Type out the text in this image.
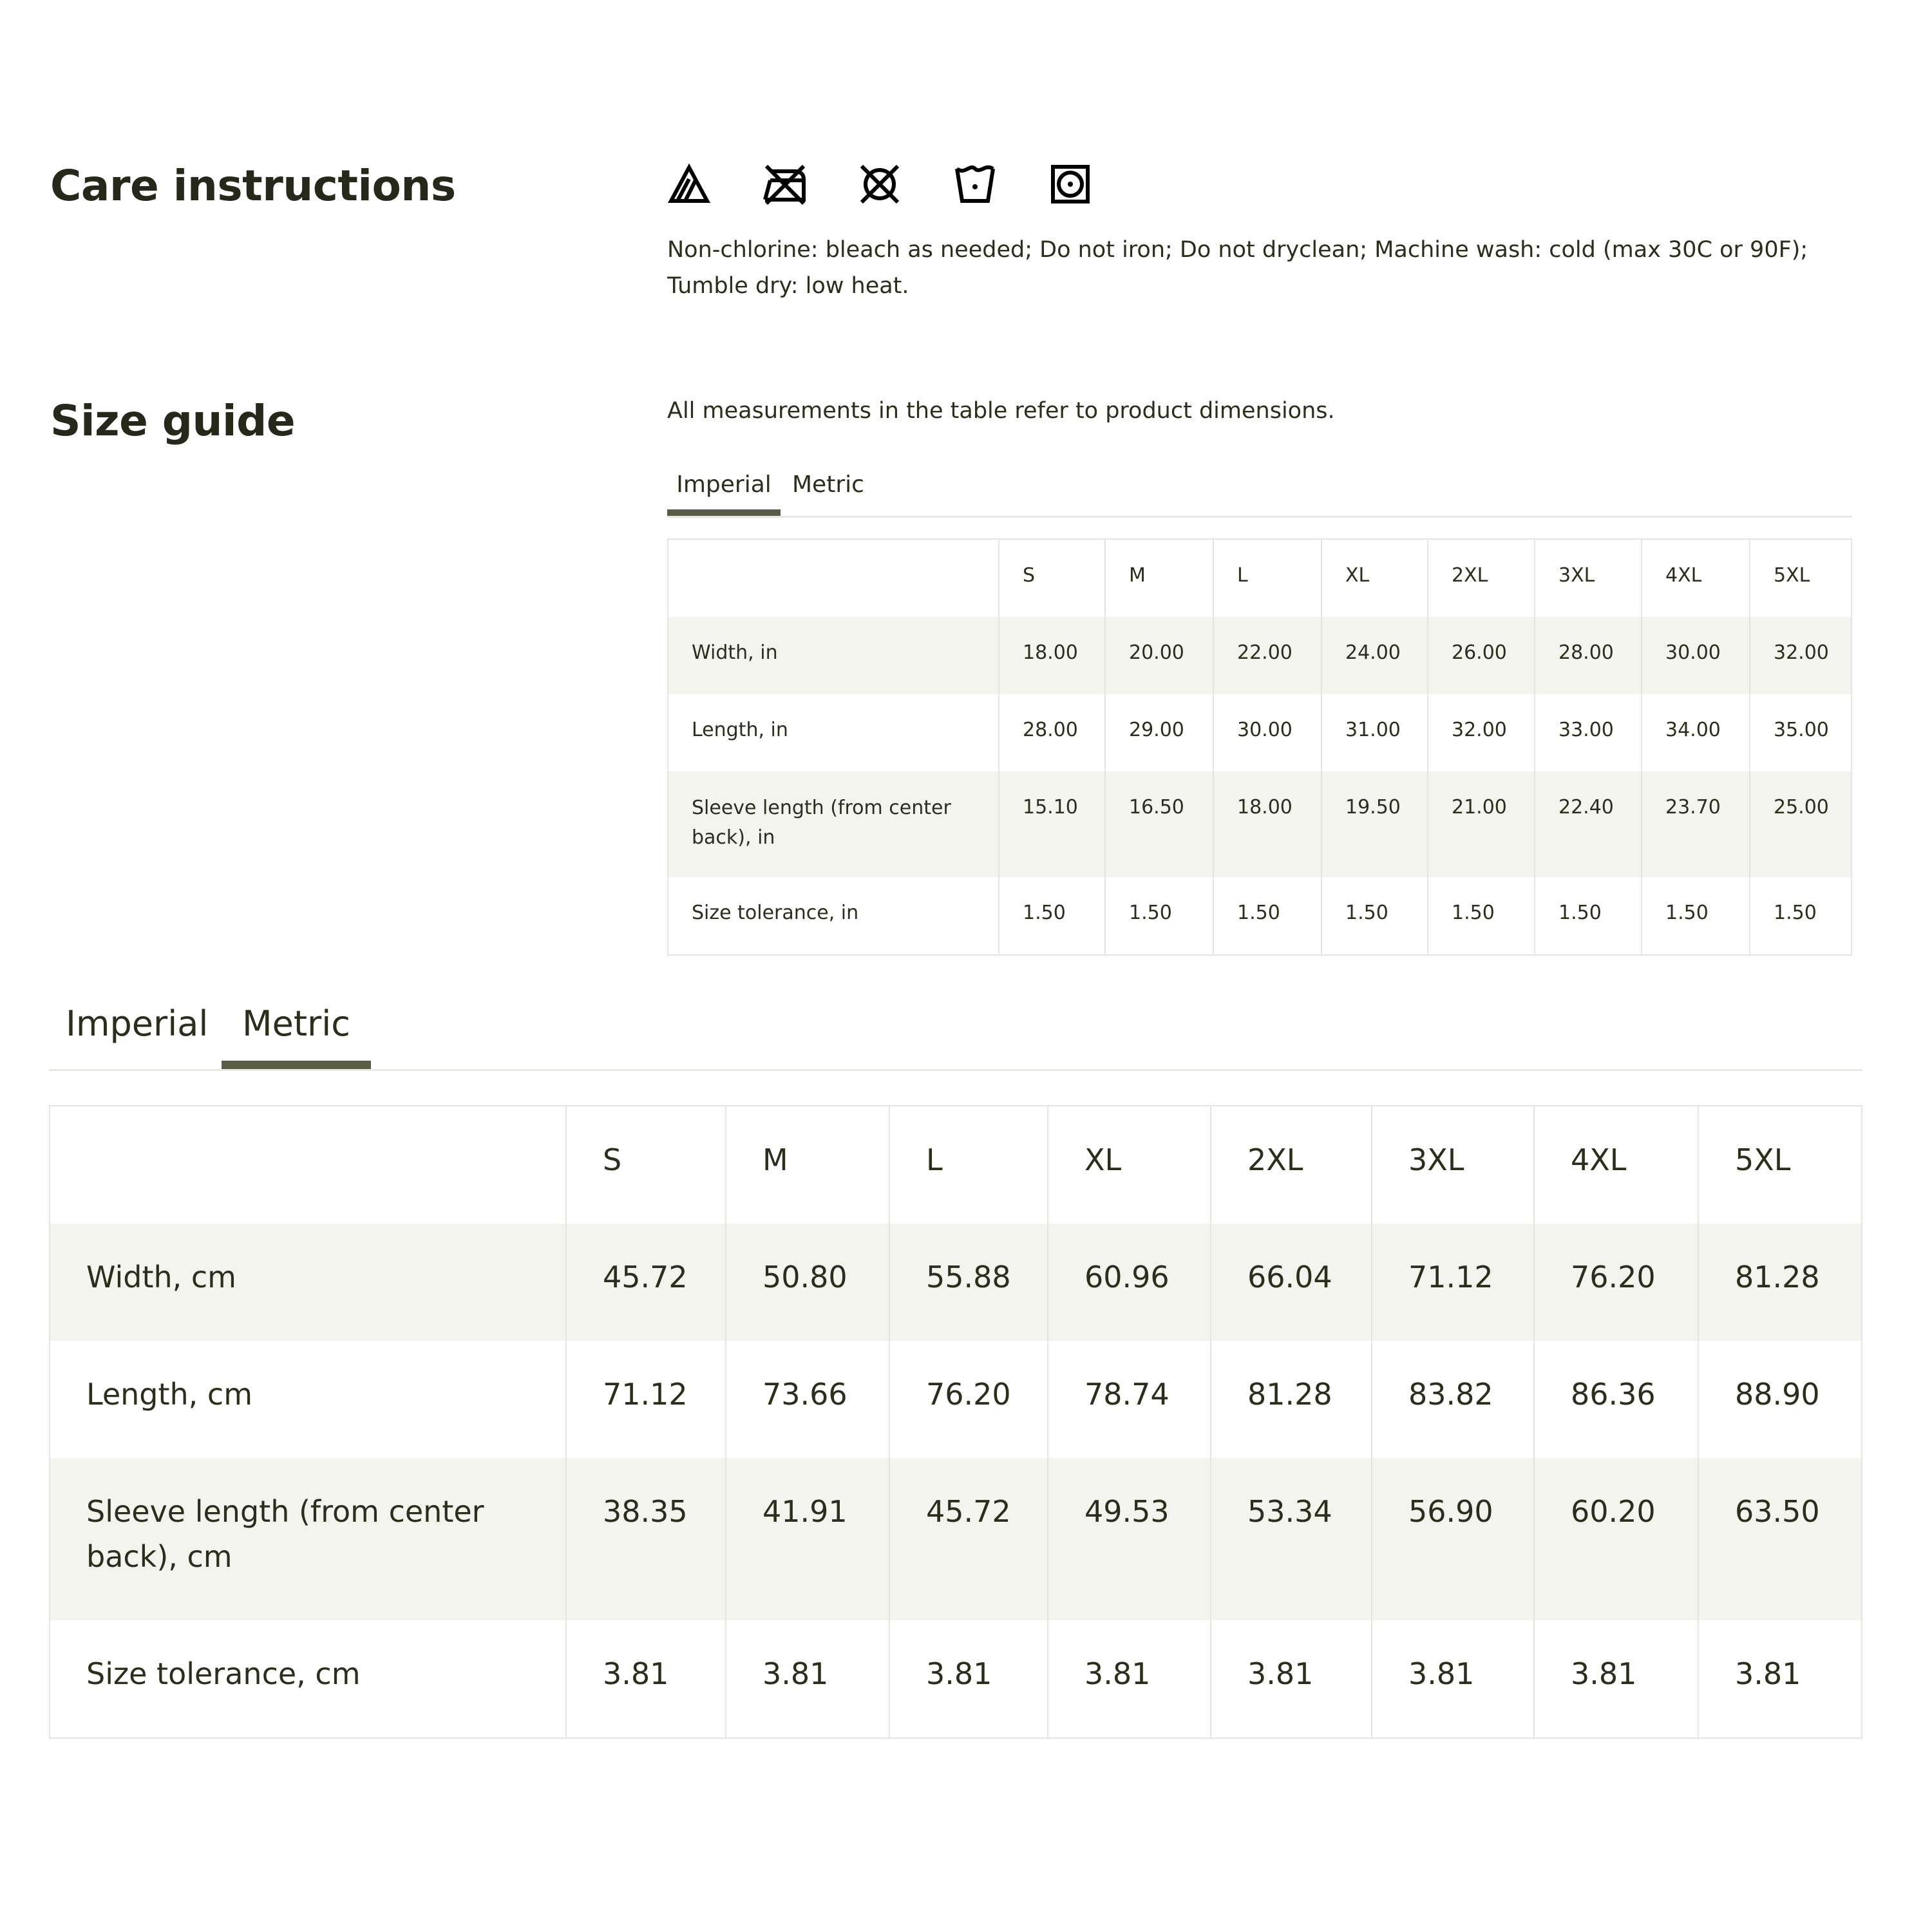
Care instructions

Non-chlorine: bleach as needed; Do not iron; Do not dryclean; Machine wash: cold (max 30C or 90F); Tumble dry: low heat.

Size guide	All measurements in the table refer to product dimensions.

Imperial Metric
	S	M	L	XL	2XL	3XL	4XL	5XL
Width, in	18.00	20.00	22.00	24.00	26.00	28.00	30.00	32.00
Length, in	28.00	29.00	30.00	31.00	32.00	33.00	34.00	35.00
Sleeve length (from center back), in	15.10	16.50	18.00	19.50	21.00	22.40	23.70	25.00
Size tolerance, in	1.50	1.50	1.50	1.50	1.50	1.50	1.50	1.50
Imperial Metric
	S	M	L	XL	2XL	3XL	4XL	5XL
Width, cm	45.72	50.80	55.88	60.96	66.04	71.12	76.20	81.28
Length, cm	71.12	73.66	76.20	78.74	81.28	83.82	86.36	88.90
Sleeve length (from center back), cm	38.35	41.91	45.72	49.53	53.34	56.90	60.20	63.50
Size tolerance, cm	3.81	3.81	3.81	3.81	3.81	3.81	3.81	3.81
